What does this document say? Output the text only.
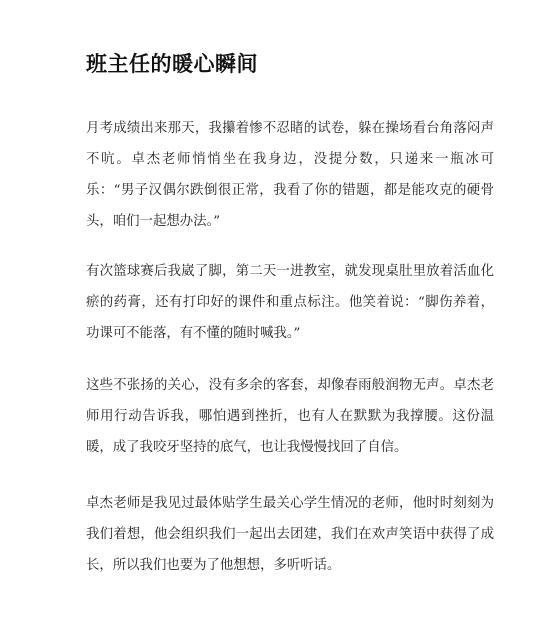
班主任的暖心瞬间

月考成绩出来那天，我攥着惨不忍睹的试卷，躲在操场看台角落闷声不吭。卓杰老师悄悄坐在我身边，没提分数，只递来一瓶冰可乐：“男子汉偶尔跌倒很正常，我看了你的错题，都是能攻克的硬骨头，咱们一起想办法。”

有次篮球赛后我崴了脚，第二天一进教室，就发现桌肚里放着活血化瘀的药膏，还有打印好的课件和重点标注。他笑着说：“脚伤养着，功课可不能落，有不懂的随时喊我。”

这些不张扬的关心，没有多余的客套，却像春雨般润物无声。卓杰老师用行动告诉我，哪怕遇到挫折，也有人在默默为我撑腰。这份温暖，成了我咬牙坚持的底气，也让我慢慢找回了自信。

卓杰老师是我见过最体贴学生最关心学生情况的老师，他时时刻刻为我们着想，他会组织我们一起出去团建，我们在欢声笑语中获得了成长，所以我们也要为了他想想，多听听话。
